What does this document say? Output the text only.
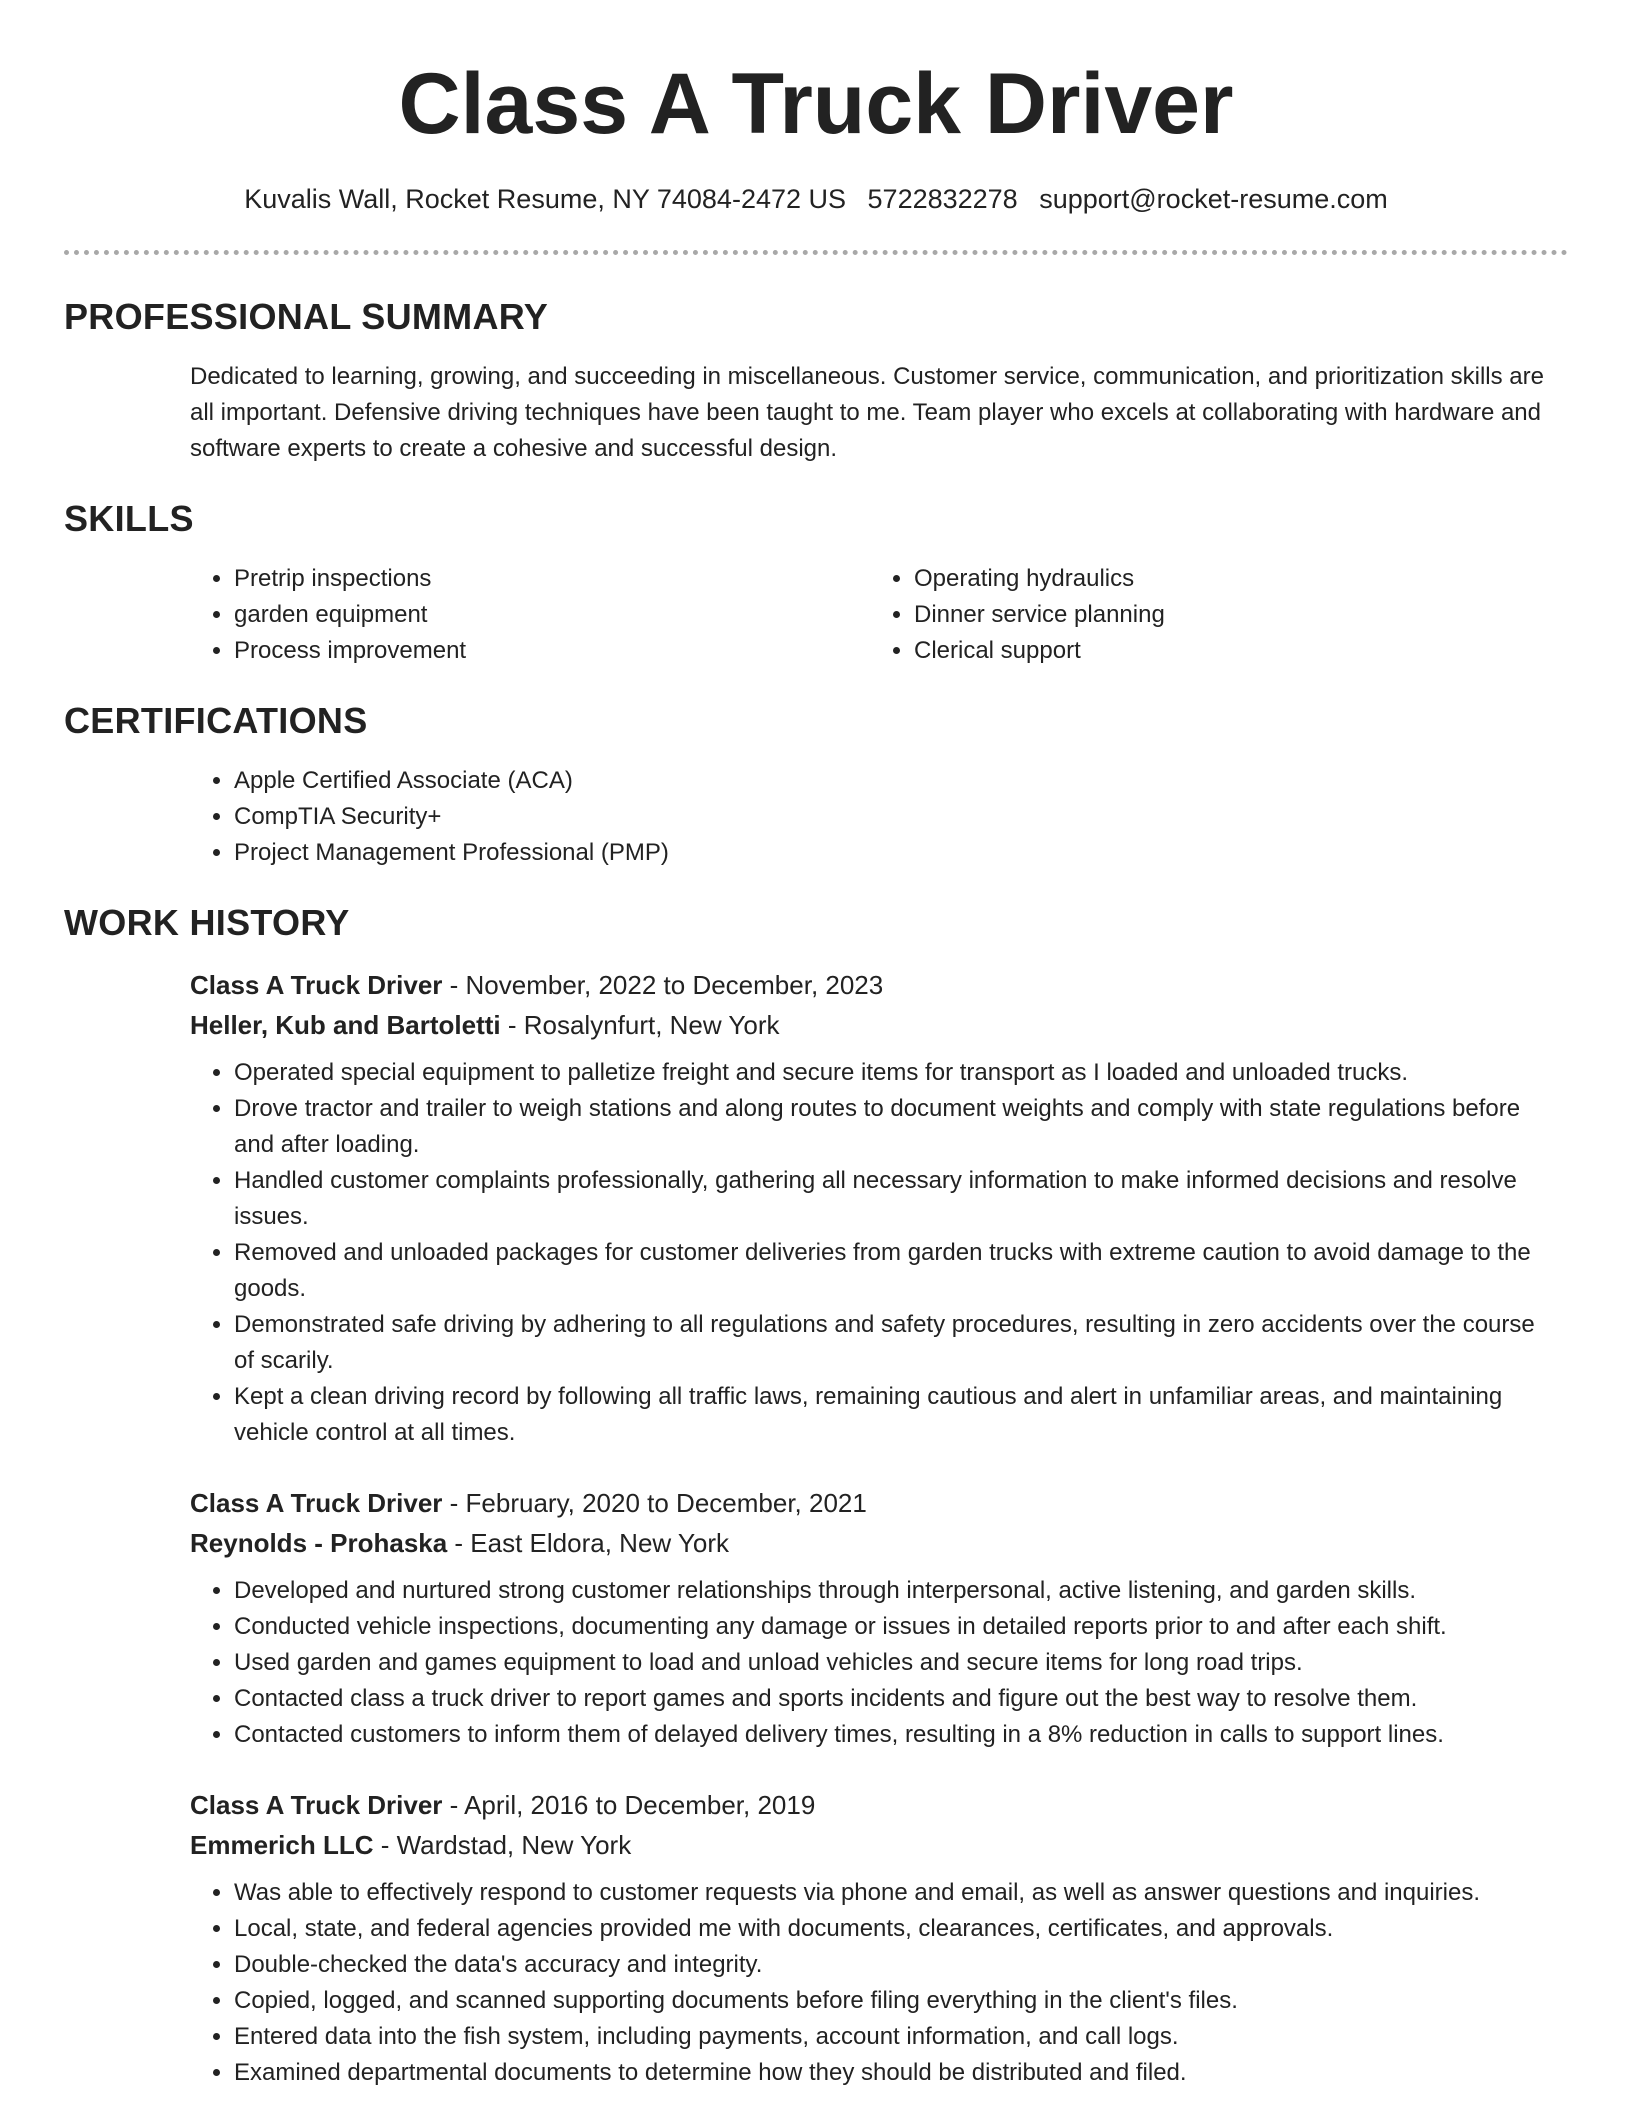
Class A Truck Driver
Kuvalis Wall, Rocket Resume, NY 74084-2472 US 5722832278 support@rocket-resume.com
PROFESSIONAL SUMMARY

Dedicated to learning, growing, and succeeding in miscellaneous. Customer service, communication, and prioritization skills are all important. Defensive driving techniques have been taught to me. Team player who excels at collaborating with hardware and software experts to create a cohesive and successful design.

SKILLS
• Pretrip inspections
• garden equipment
• Process improvement
• Operating hydraulics
• Dinner service planning
• Clerical support
CERTIFICATIONS
• Apple Certified Associate (ACA)
• CompTIA Security+
• Project Management Professional (PMP)
WORK HISTORY
Class A Truck Driver - November, 2022 to December, 2023
Heller, Kub and Bartoletti - Rosalynfurt, New York
• Operated special equipment to palletize freight and secure items for transport as I loaded and unloaded trucks.
• Drove tractor and trailer to weigh stations and along routes to document weights and comply with state regulations before and after loading.
• Handled customer complaints professionally, gathering all necessary information to make informed decisions and resolve issues.
• Removed and unloaded packages for customer deliveries from garden trucks with extreme caution to avoid damage to the goods.
• Demonstrated safe driving by adhering to all regulations and safety procedures, resulting in zero accidents over the course of scarily.
• Kept a clean driving record by following all traffic laws, remaining cautious and alert in unfamiliar areas, and maintaining vehicle control at all times.
Class A Truck Driver - February, 2020 to December, 2021
Reynolds - Prohaska - East Eldora, New York
• Developed and nurtured strong customer relationships through interpersonal, active listening, and garden skills.
• Conducted vehicle inspections, documenting any damage or issues in detailed reports prior to and after each shift.
• Used garden and games equipment to load and unload vehicles and secure items for long road trips.
• Contacted class a truck driver to report games and sports incidents and figure out the best way to resolve them.
• Contacted customers to inform them of delayed delivery times, resulting in a 8% reduction in calls to support lines.
Class A Truck Driver - April, 2016 to December, 2019
Emmerich LLC - Wardstad, New York
• Was able to effectively respond to customer requests via phone and email, as well as answer questions and inquiries.
• Local, state, and federal agencies provided me with documents, clearances, certificates, and approvals.
• Double-checked the data's accuracy and integrity.
• Copied, logged, and scanned supporting documents before filing everything in the client's files.
• Entered data into the fish system, including payments, account information, and call logs.
• Examined departmental documents to determine how they should be distributed and filed.
